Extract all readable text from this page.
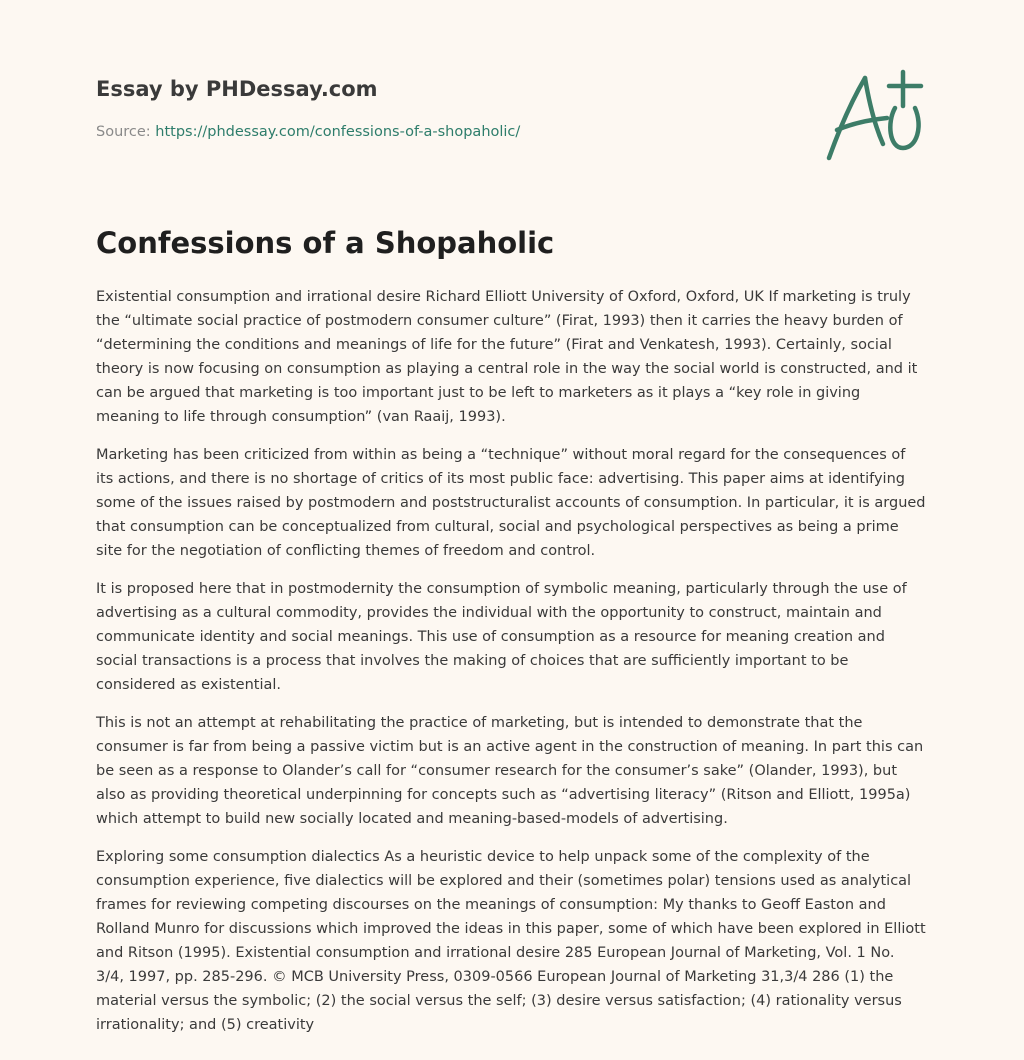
Essay by PHDessay.com
Source: https://phdessay.com/confessions-of-a-shopaholic/
Confessions of a Shopaholic

Existential consumption and irrational desire Richard Elliott University of Oxford, Oxford, UK If marketing is truly the “ultimate social practice of postmodern consumer culture” (Firat, 1993) then it carries the heavy burden of “determining the conditions and meanings of life for the future” (Firat and Venkatesh, 1993). Certainly, social theory is now focusing on consumption as playing a central role in the way the social world is constructed, and it can be argued that marketing is too important just to be left to marketers as it plays a “key role in giving meaning to life through consumption” (van Raaij, 1993).

Marketing has been criticized from within as being a “technique” without moral regard for the consequences of its actions, and there is no shortage of critics of its most public face: advertising. This paper aims at identifying some of the issues raised by postmodern and poststructuralist accounts of consumption. In particular, it is argued that consumption can be conceptualized from cultural, social and psychological perspectives as being a prime site for the negotiation of conflicting themes of freedom and control.

It is proposed here that in postmodernity the consumption of symbolic meaning, particularly through the use of advertising as a cultural commodity, provides the individual with the opportunity to construct, maintain and communicate identity and social meanings. This use of consumption as a resource for meaning creation and social transactions is a process that involves the making of choices that are sufficiently important to be considered as existential.

This is not an attempt at rehabilitating the practice of marketing, but is intended to demonstrate that the consumer is far from being a passive victim but is an active agent in the construction of meaning. In part this can be seen as a response to Olander’s call for “consumer research for the consumer’s sake” (Olander, 1993), but also as providing theoretical underpinning for concepts such as “advertising literacy” (Ritson and Elliott, 1995a) which attempt to build new socially located and meaning-based-models of advertising.

Exploring some consumption dialectics As a heuristic device to help unpack some of the complexity of the consumption experience, five dialectics will be explored and their (sometimes polar) tensions used as analytical frames for reviewing competing discourses on the meanings of consumption: My thanks to Geoff Easton and Rolland Munro for discussions which improved the ideas in this paper, some of which have been explored in Elliott and Ritson (1995). Existential consumption and irrational desire 285 European Journal of Marketing, Vol. 1 No. 3/4, 1997, pp. 285-296. © MCB University Press, 0309-0566 European Journal of Marketing 31,3/4 286 (1) the material versus the symbolic; (2) the social versus the self; (3) desire versus satisfaction; (4) rationality versus irrationality; and (5) creativity
